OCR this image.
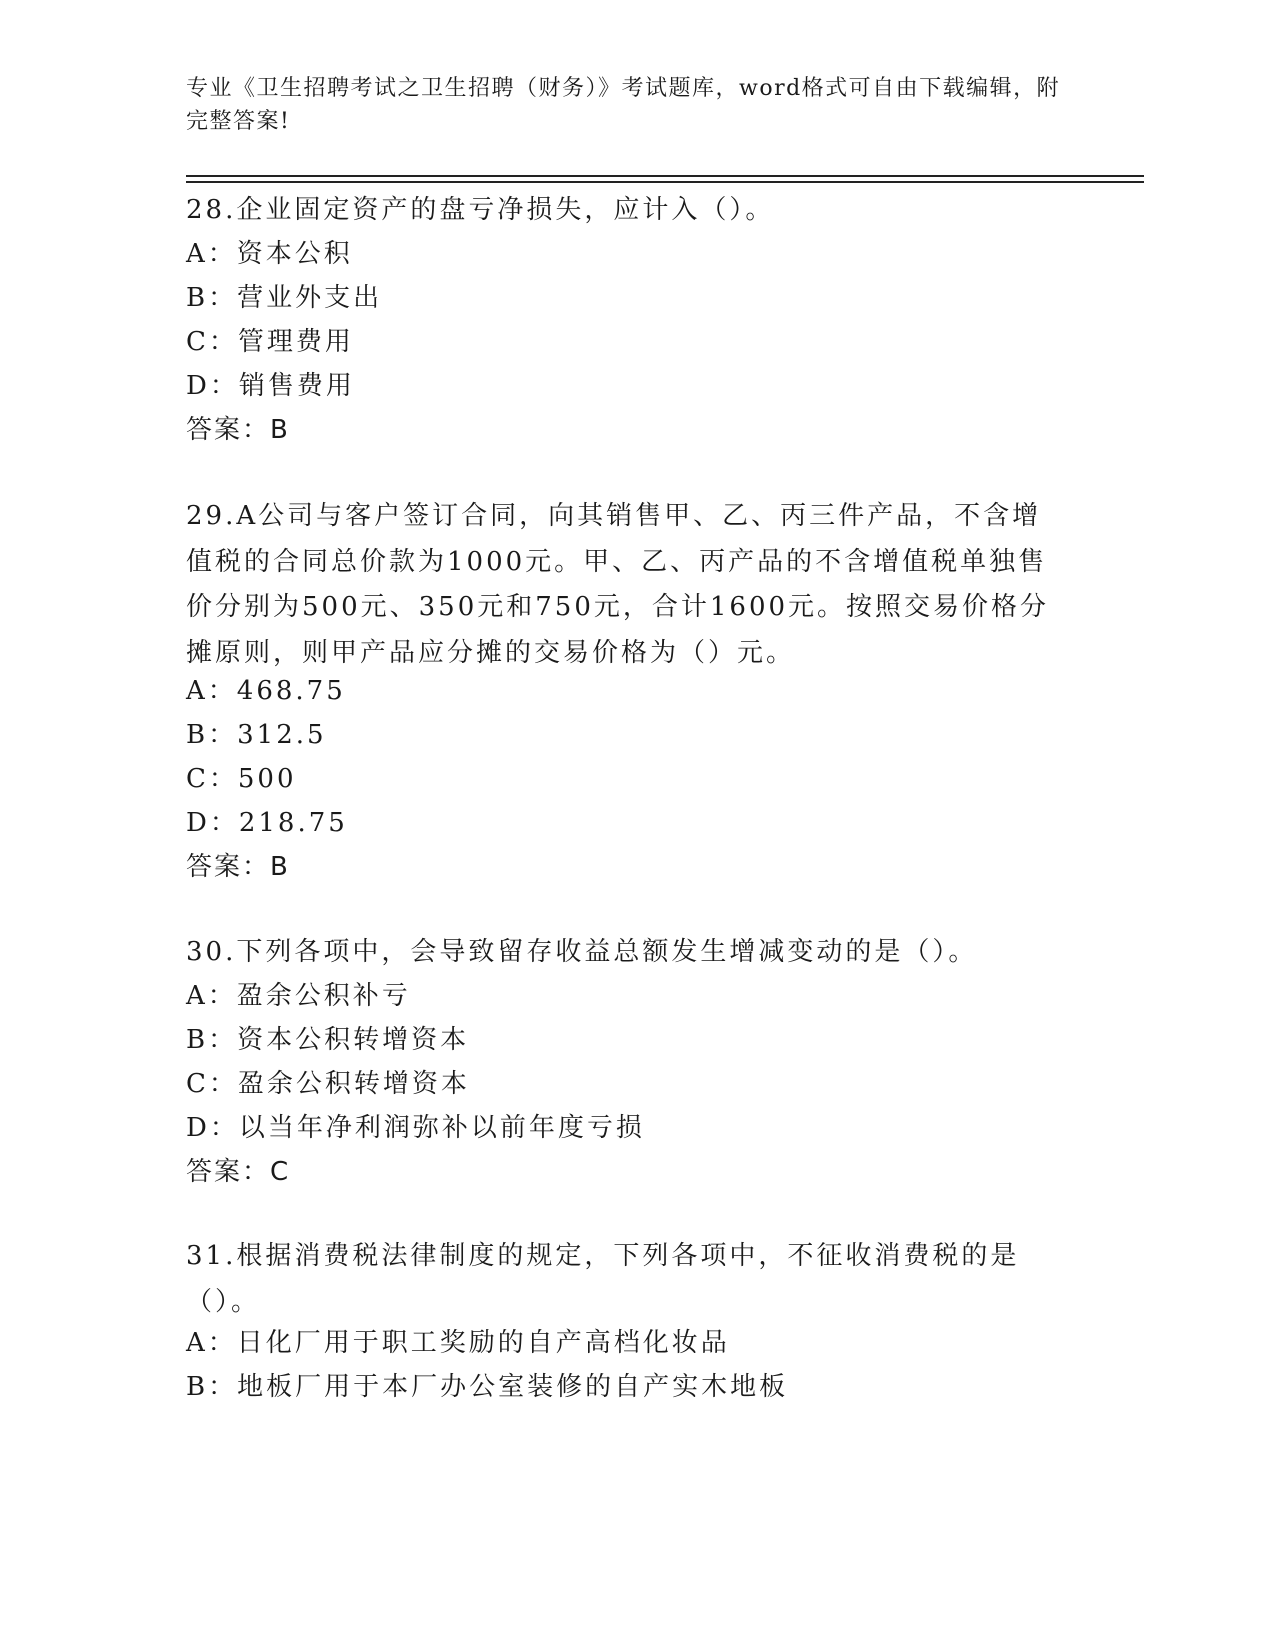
专业《卫生招聘考试之卫生招聘（财务）》考试题库，word格式可自由下载编辑，附完整答案!
28.企业固定资产的盘亏净损失，应计入（）。
A：资本公积
B：营业外支出
C：管理费用
D：销售费用
答案：B
29.A公司与客户签订合同，向其销售甲、乙、丙三件产品，不含增值税的合同总价款为1000元。甲、乙、丙产品的不含增值税单独售价分别为500元、350元和750元，合计1600元。按照交易价格分摊原则，则甲产品应分摊的交易价格为（）元。
A：468.75
B：312.5
C：500
D：218.75
答案：B
30.下列各项中，会导致留存收益总额发生增减变动的是（）。
A：盈余公积补亏
B：资本公积转增资本
C：盈余公积转增资本
D：以当年净利润弥补以前年度亏损
答案：C
31.根据消费税法律制度的规定，下列各项中，不征收消费税的是（）。
A：日化厂用于职工奖励的自产高档化妆品
B：地板厂用于本厂办公室装修的自产实木地板
